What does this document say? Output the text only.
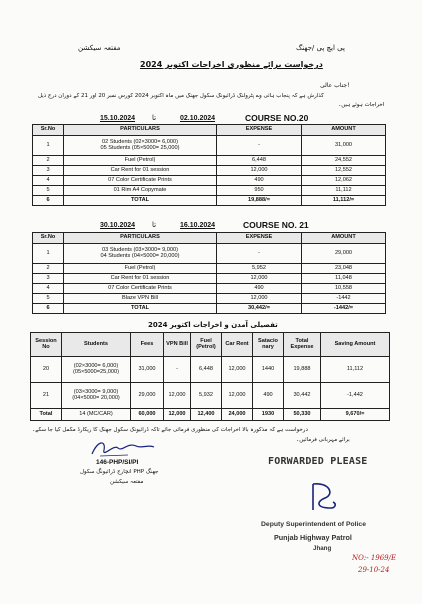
مفتعہ سیکشن	پی ایچ پی /جھنگ
درخواست برائے منظوری اخراجات اکتوبر 2024
جناب عالی!
گذارش ہے کہ پنجاب ہائی وے پٹرولنگ ڈرائیونگ سکول جھنگ میں ماہ اکتوبر 2024 کورس نمبر 20 اور 21 کے دوران درج ذیل
اخراجات ہوئے ہیں۔
15.10.2024 تا	02.10.2024	COURSE NO.20
Sr.No	PARTICULARS	EXPENSE	AMOUNT
1	02 Students (02×3000= 6,000)
05 Students (05×5000= 25,000)	-	31,000
2	Fuel (Petrol)	6,448	24,552
3	Car Rent for 01 session	12,000	12,552
4	07 Color Certificate Prints	490	12,062
5	01 Rim A4 Copymate	950	11,112
6	TOTAL	19,888/=	11,112/=
30.10.2024 تا	16.10.2024	COURSE NO. 21
Sr.No	PARTICULARS	EXPENSE	AMOUNT
1	03 Students (03×3000= 9,000)
04 Students (04×5000= 20,000)	-	29,000
2	Fuel (Petrol)	5,952	23,048
3	Car Rent for 01 session	12,000	11,048
4	07 Color Certificate Prints	490	10,558
5	Blaze VPN Bill	12,000	-1442
6	TOTAL	30,442/=	-1442/=
تفصیلی آمدن و اخراجات اکتوبر 2024
Session No	Students	Fees	VPN Bill	Fuel (Petrol)	Car Rent	Satacio nary	Total Expense	Saving Amount
20	(02×3000= 6,000)
(05×5000=25,000)	31,000	-	6,448	12,000	1440	19,888	11,112
21	(03×3000= 9,000)
(04×5000= 20,000)	29,000	12,000	5,932	12,000	490	30,442	-1,442
Total	14 (MC/CAR)	60,000	12,000	12,400	24,000	1930	50,330	9,670/=
درخواست ہے کہ مذکورہ بالا اخراجات کی منظوری فرمائی جائے تاکہ ڈرائیونگ سکول جھنگ کا ریکارڈ مکمل کیا جا سکے۔
برائے مہربانی فرمائیں۔
146-PHP/SI/PI
انچارج ڈرائیونگ سکول PHP جھنگ
مفتعہ سیکشن
FORWARDED PLEASE
Deputy Superintendent of Police
Punjab Highway Patrol
Jhang
NO:- 1969/E
29-10-24
